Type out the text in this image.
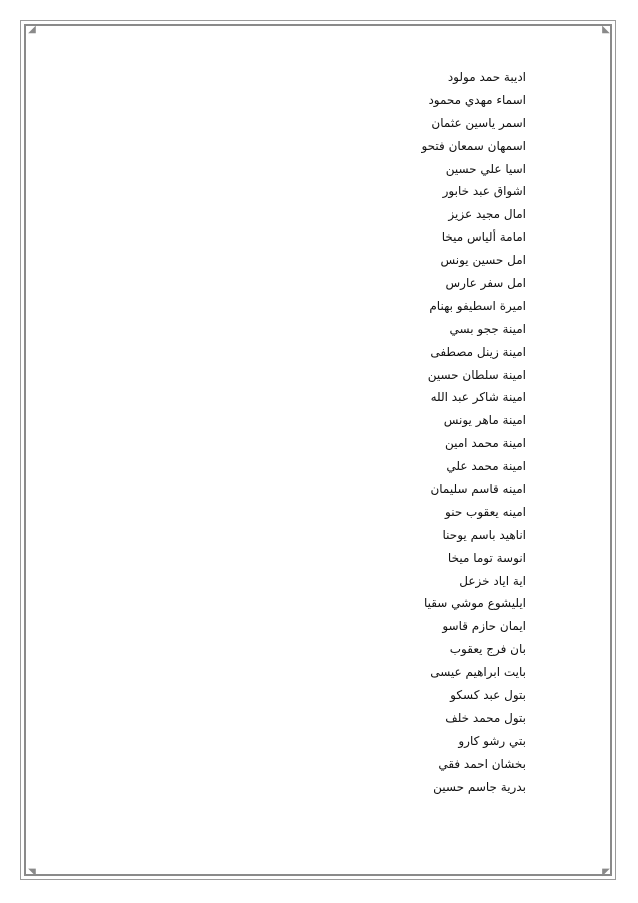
◢	◣
◥	◤
اديبة حمد مولود
اسماء مهدي محمود
اسمر ياسين عثمان
اسمهان سمعان فتحو
اسيا علي حسين
اشواق عبد خابور
امال مجيد عزيز
امامة ألياس ميخا
امل حسين يونس
امل سفر عارس
اميرة اسطيفو بهنام
امينة ججو بسي
امينة زينل مصطفى
امينة سلطان حسين
امينة شاكر عبد الله
امينة ماهر يونس
امينة محمد امين
امينة محمد علي
امينه قاسم سليمان
امينه يعقوب حنو
اناهيد باسم يوحنا
انوسة توما ميخا
اية اياد خزعل
ايليشوع موشي سقيا
ايمان حازم قاسو
بان فرج يعقوب
بايت ابراهيم عيسى
بتول عبد كسكو
بتول محمد خلف
بتي رشو كارو
بخشان احمد فقي
بدرية جاسم حسين
